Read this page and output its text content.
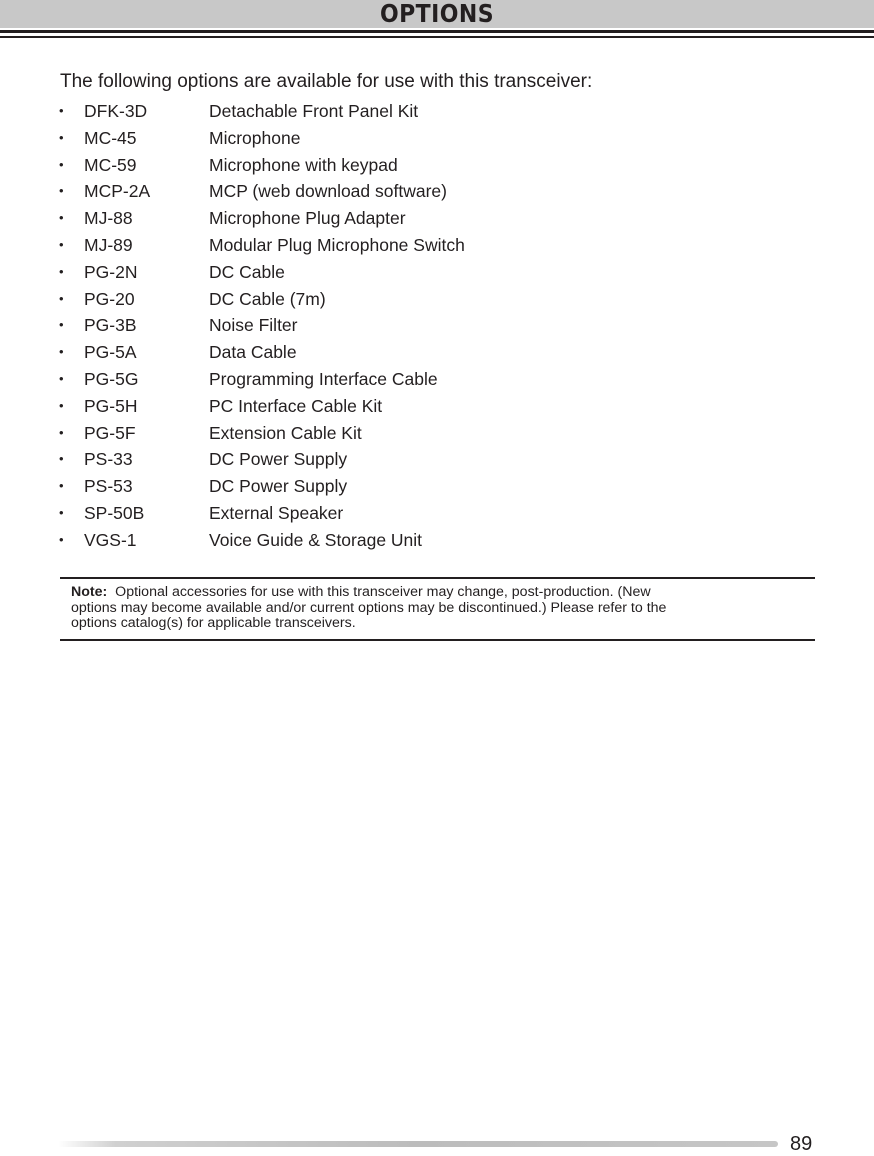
OPTIONS
The following options are available for use with this transceiver:
• DFK-3D	Detachable Front Panel Kit
• MC-45	Microphone
• MC-59	Microphone with keypad
• MCP-2A	MCP (web download software)
• MJ-88	Microphone Plug Adapter
• MJ-89	Modular Plug Microphone Switch
• PG-2N	DC Cable
• PG-20	DC Cable (7m)
• PG-3B	Noise Filter
• PG-5A	Data Cable
• PG-5G	Programming Interface Cable
• PG-5H	PC Interface Cable Kit
• PG-5F	Extension Cable Kit
• PS-33	DC Power Supply
• PS-53	DC Power Supply
• SP-50B	External Speaker
• VGS-1	Voice Guide & Storage Unit
Note: Optional accessories for use with this transceiver may change, post-production. (New
options may become available and/or current options may be discontinued.) Please refer to the
options catalog(s) for applicable transceivers.
89
